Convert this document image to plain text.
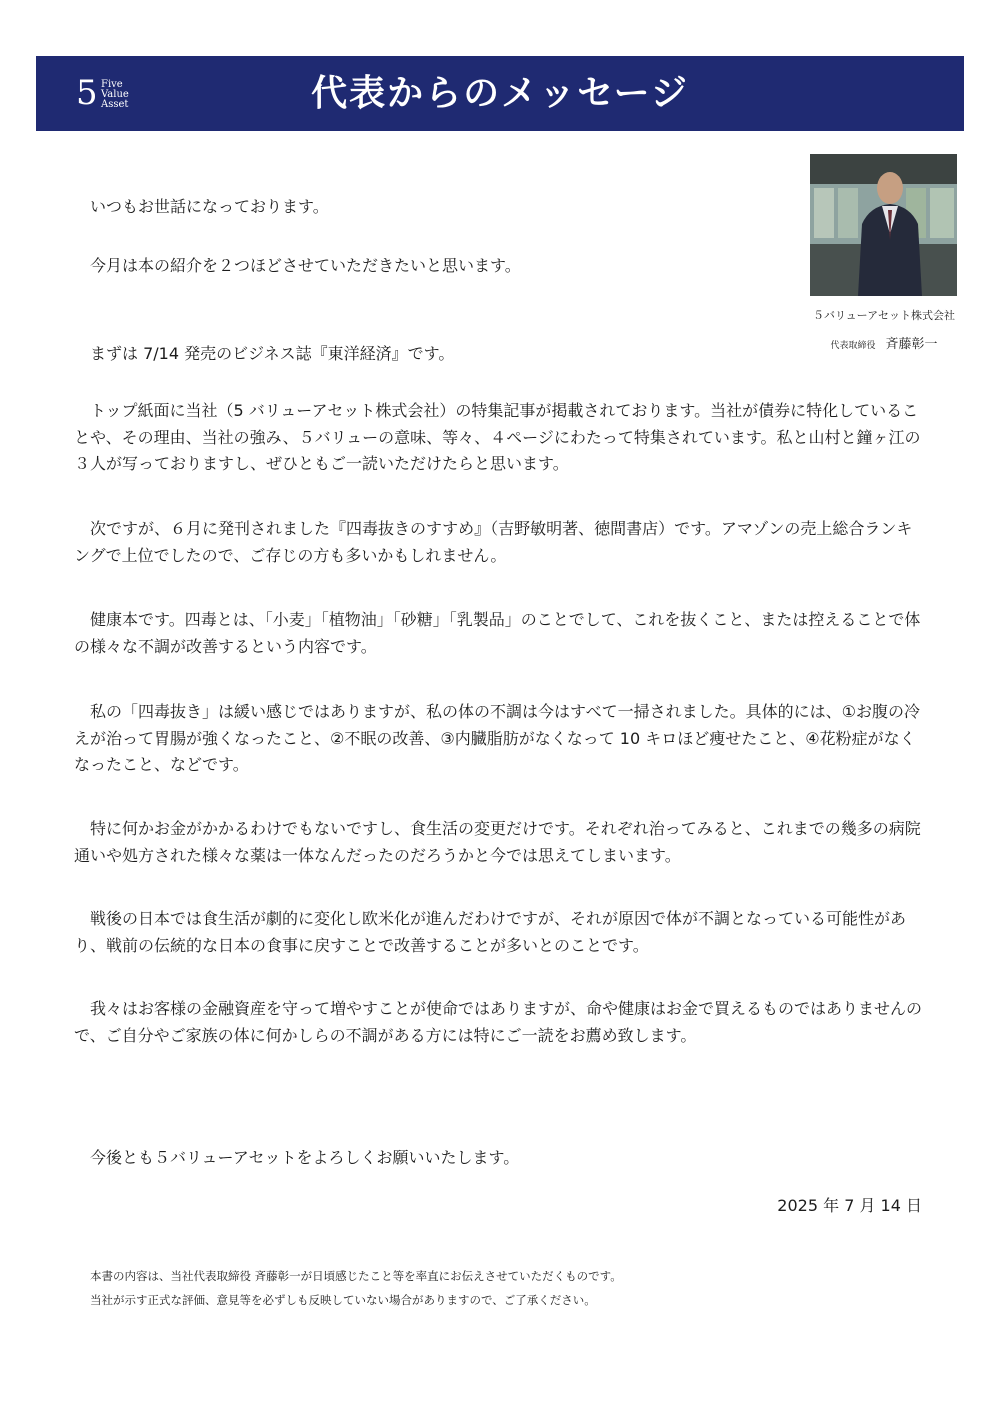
5 Five
Value
Asset	代表からのメッセージ
５バリューアセット株式会社
代表取締役 斉藤彰一

いつもお世話になっております。

今月は本の紹介を２つほどさせていただきたいと思います。

まずは 7/14 発売のビジネス誌『東洋経済』です。

トップ紙面に当社（5 バリューアセット株式会社）の特集記事が掲載されております。当社が債券に特化していることや、その理由、当社の強み、５バリューの意味、等々、４ページにわたって特集されています。私と山村と鐘ヶ江の３人が写っておりますし、ぜひともご一読いただけたらと思います。

次ですが、６月に発刊されました『四毒抜きのすすめ』（吉野敏明著、徳間書店）です。アマゾンの売上総合ランキングで上位でしたので、ご存じの方も多いかもしれません。

健康本です。四毒とは、「小麦」「植物油」「砂糖」「乳製品」のことでして、これを抜くこと、または控えることで体の様々な不調が改善するという内容です。

私の「四毒抜き」は緩い感じではありますが、私の体の不調は今はすべて一掃されました。具体的には、①お腹の冷えが治って胃腸が強くなったこと、②不眠の改善、③内臓脂肪がなくなって 10 キロほど痩せたこと、④花粉症がなくなったこと、などです。

特に何かお金がかかるわけでもないですし、食生活の変更だけです。それぞれ治ってみると、これまでの幾多の病院通いや処方された様々な薬は一体なんだったのだろうかと今では思えてしまいます。

戦後の日本では食生活が劇的に変化し欧米化が進んだわけですが、それが原因で体が不調となっている可能性があり、戦前の伝統的な日本の食事に戻すことで改善することが多いとのことです。

我々はお客様の金融資産を守って増やすことが使命ではありますが、命や健康はお金で買えるものではありませんので、ご自分やご家族の体に何かしらの不調がある方には特にご一読をお薦め致します。

今後とも５バリューアセットをよろしくお願いいたします。

2025 年 7 月 14 日
本書の内容は、当社代表取締役 斉藤彰一が日頃感じたこと等を率直にお伝えさせていただくものです。
当社が示す正式な評価、意見等を必ずしも反映していない場合がありますので、ご了承ください。
